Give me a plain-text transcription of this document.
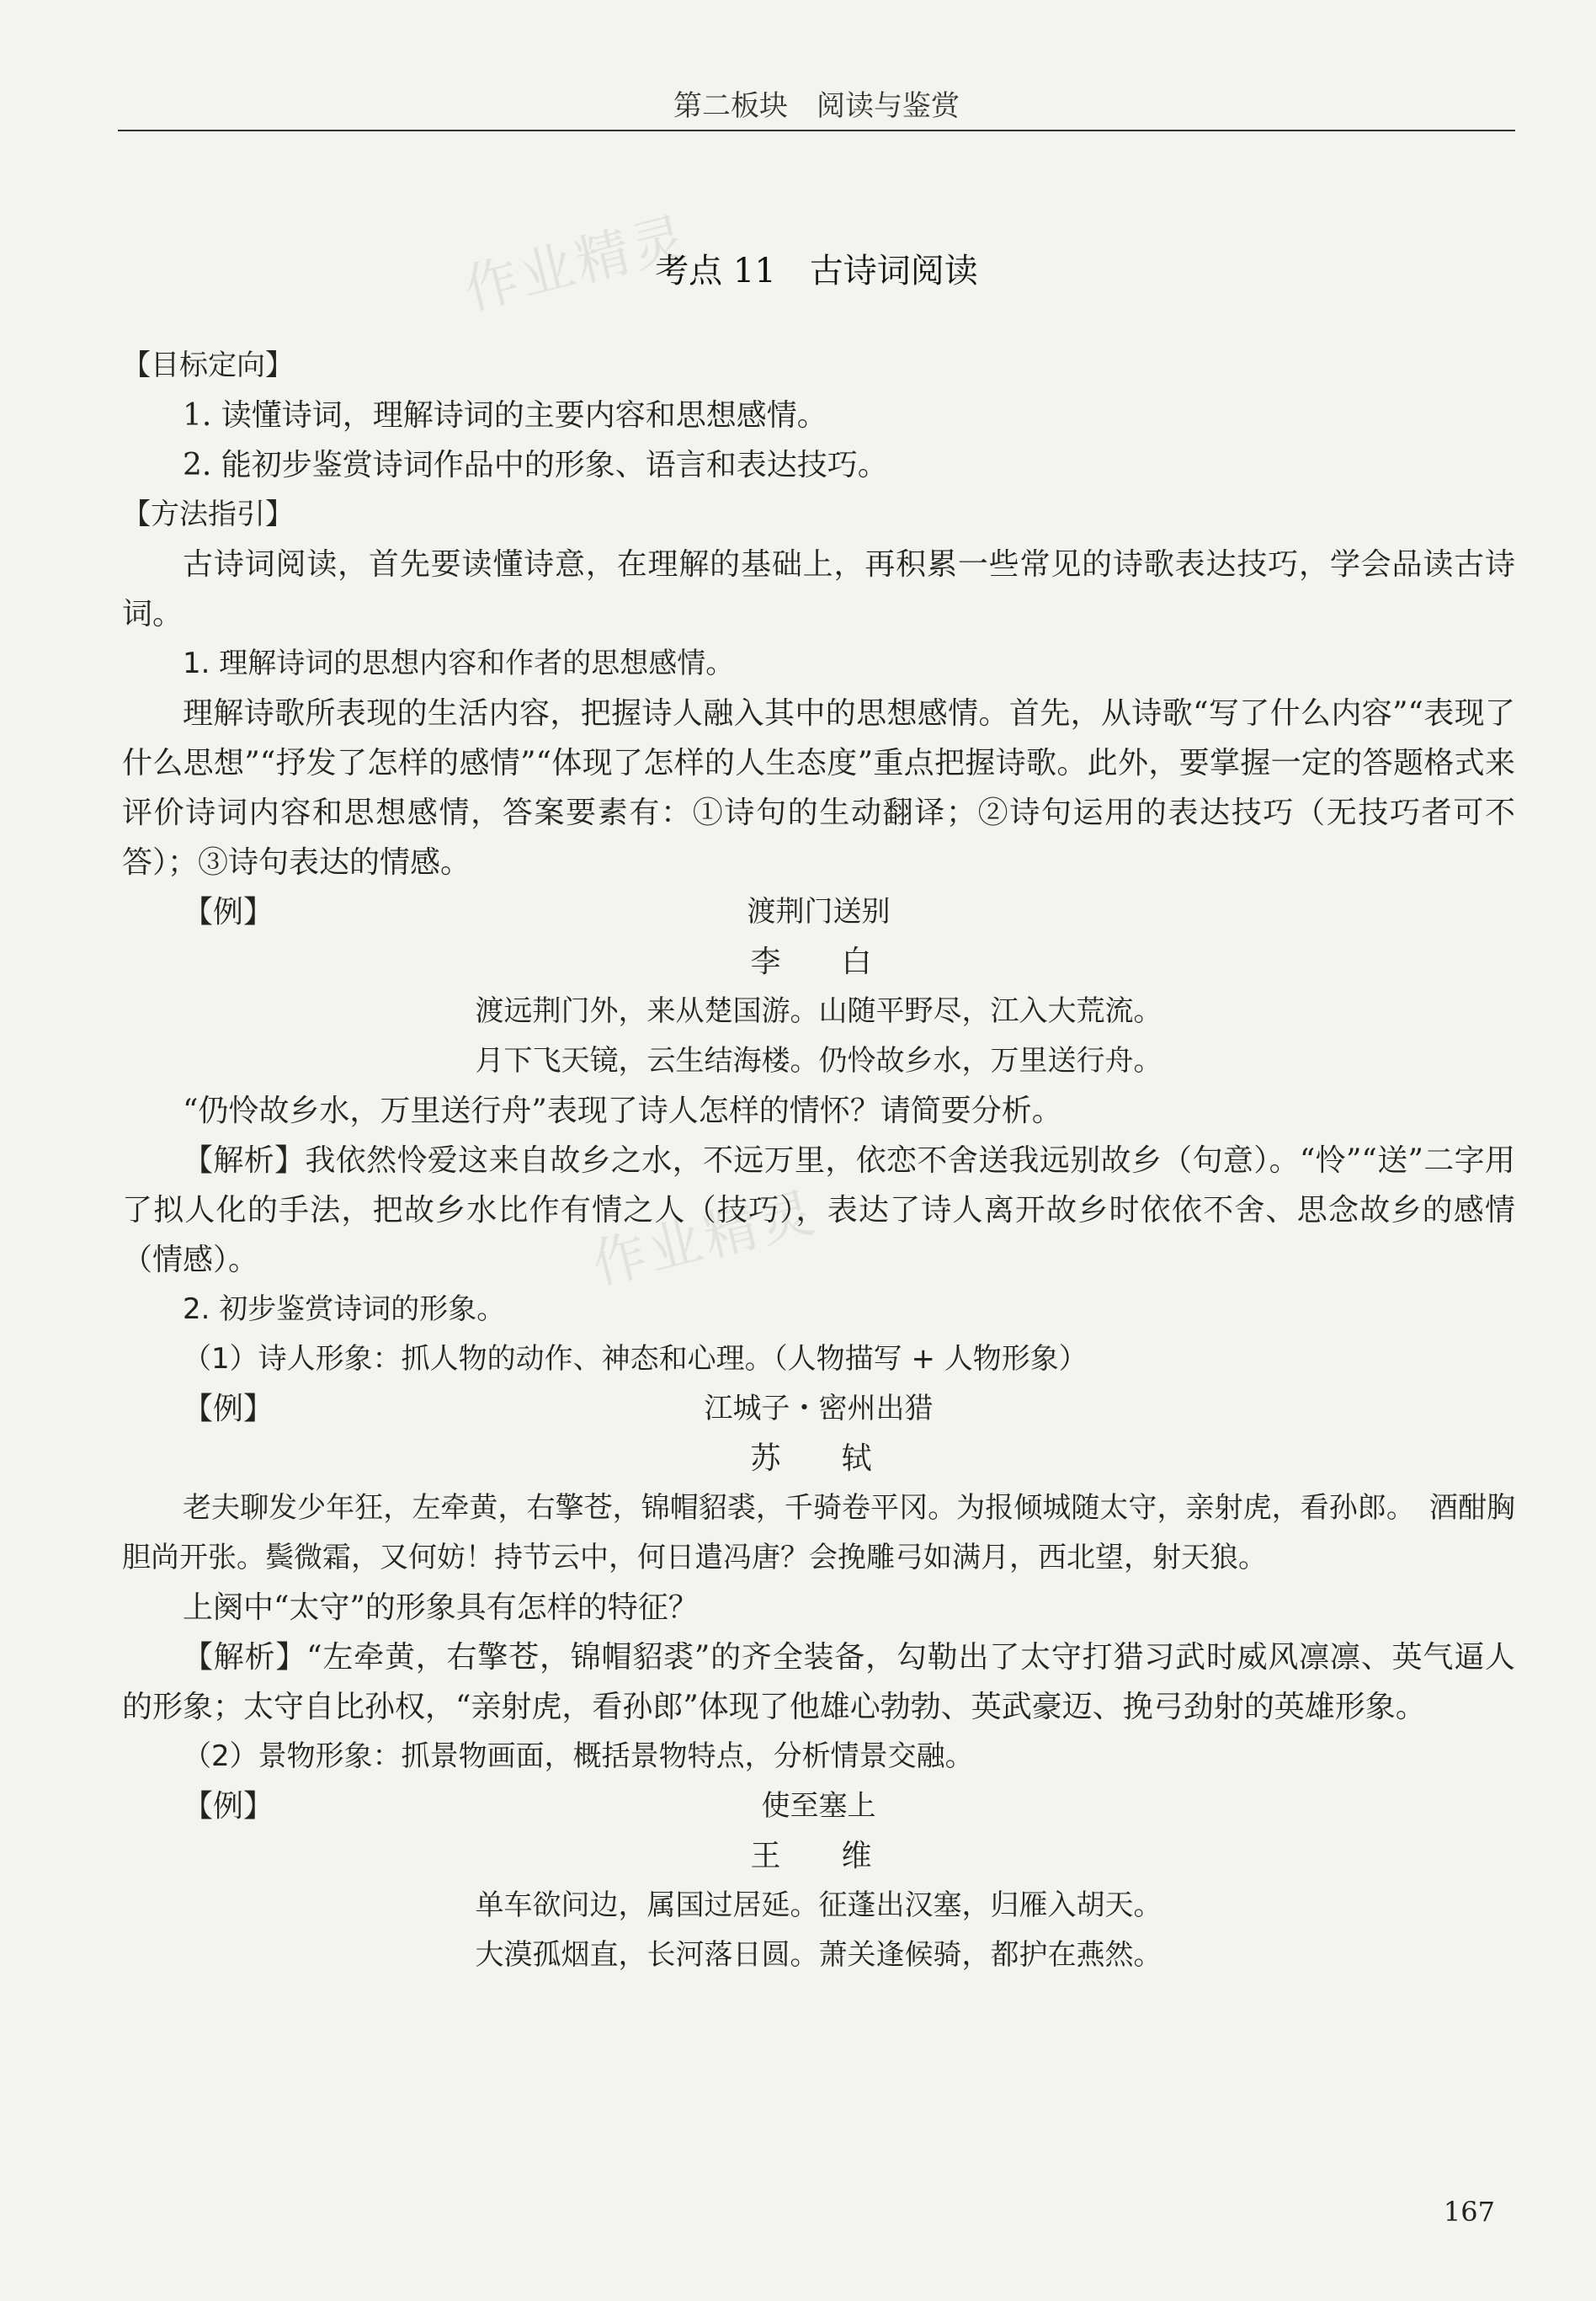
第二板块　阅读与鉴赏
作业精灵
作业精灵
考点 11　古诗词阅读

【目标定向】

1. 读懂诗词，理解诗词的主要内容和思想感情。

2. 能初步鉴赏诗词作品中的形象、语言和表达技巧。

【方法指引】

古诗词阅读，首先要读懂诗意，在理解的基础上，再积累一些常见的诗歌表达技巧，学会品读古诗词。

1. 理解诗词的思想内容和作者的思想感情。

理解诗歌所表现的生活内容，把握诗人融入其中的思想感情。首先，从诗歌“写了什么内容”“表现了什么思想”“抒发了怎样的感情”“体现了怎样的人生态度”重点把握诗歌。此外，要掌握一定的答题格式来评价诗词内容和思想感情，答案要素有：①诗句的生动翻译；②诗句运用的表达技巧（无技巧者可不答）；③诗句表达的情感。

【例】	渡荆门送别

李　白

渡远荆门外，来从楚国游。山随平野尽，江入大荒流。

月下飞天镜，云生结海楼。仍怜故乡水，万里送行舟。

“仍怜故乡水，万里送行舟”表现了诗人怎样的情怀？请简要分析。

【解析】我依然怜爱这来自故乡之水，不远万里，依恋不舍送我远别故乡（句意）。“怜”“送”二字用了拟人化的手法，把故乡水比作有情之人（技巧），表达了诗人离开故乡时依依不舍、思念故乡的感情（情感）。

2. 初步鉴赏诗词的形象。

（1）诗人形象：抓人物的动作、神态和心理。（人物描写 + 人物形象）

【例】	江城子・密州出猎

苏　轼

老夫聊发少年狂，左牵黄，右擎苍，锦帽貂裘，千骑卷平冈。为报倾城随太守，亲射虎，看孙郎。　酒酣胸胆尚开张。鬓微霜，又何妨！持节云中，何日遣冯唐？会挽雕弓如满月，西北望，射天狼。

上阕中“太守”的形象具有怎样的特征？

【解析】“左牵黄，右擎苍，锦帽貂裘”的齐全装备，勾勒出了太守打猎习武时威风凛凛、英气逼人的形象；太守自比孙权，“亲射虎，看孙郎”体现了他雄心勃勃、英武豪迈、挽弓劲射的英雄形象。

（2）景物形象：抓景物画面，概括景物特点，分析情景交融。

【例】	使至塞上

王　维

单车欲问边，属国过居延。征蓬出汉塞，归雁入胡天。

大漠孤烟直，长河落日圆。萧关逢候骑，都护在燕然。

167
